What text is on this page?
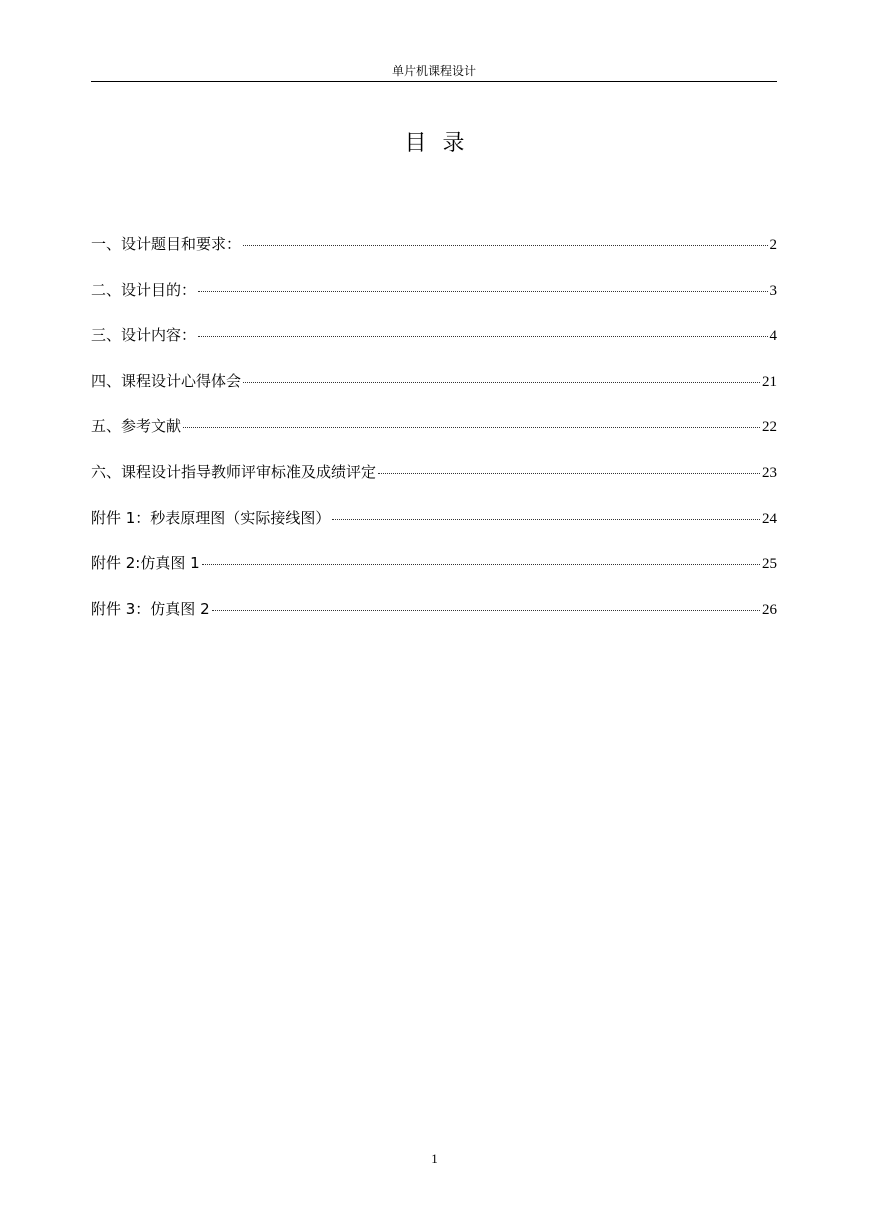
单片机课程设计
目录
一、设计题目和要求：	2
二、设计目的：	3
三、设计内容：	4
四、课程设计心得体会	21
五、参考文献	22
六、课程设计指导教师评审标准及成绩评定	23
附件 1：秒表原理图（实际接线图）	24
附件 2:仿真图 1	25
附件 3：仿真图 2	26
1
